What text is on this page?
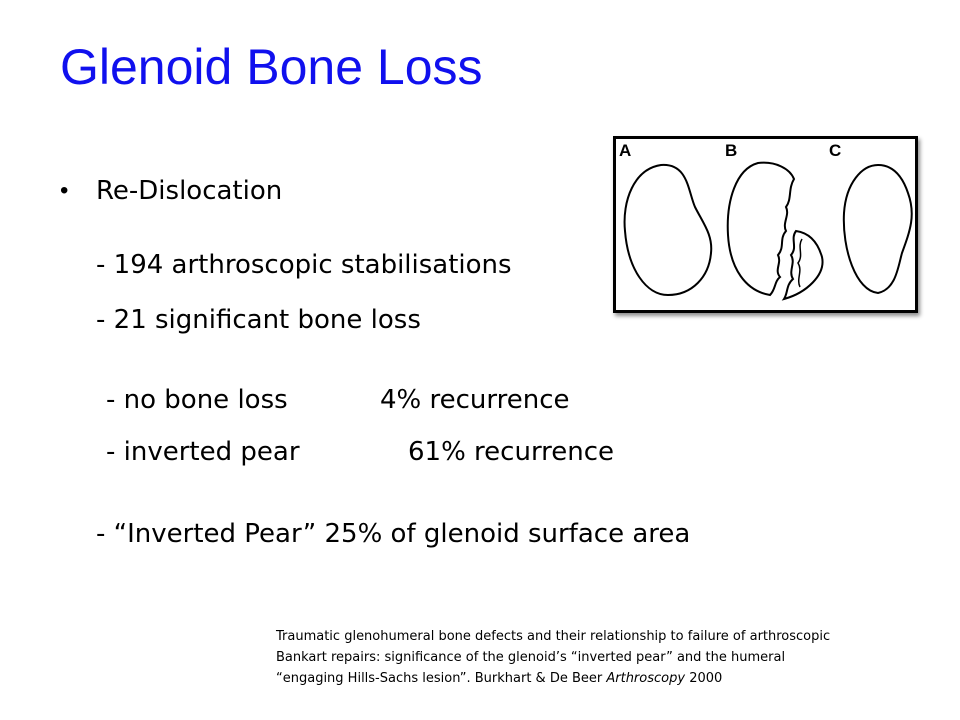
Glenoid Bone Loss
•	Re-Dislocation
- 194 arthroscopic stabilisations
- 21 significant bone loss
- no bone loss	4% recurrence
- inverted pear	61% recurrence
- “Inverted Pear” 25% of glenoid surface area
A	B	C
Traumatic glenohumeral bone defects and their relationship to failure of arthroscopic Bankart repairs: significance of the glenoid’s “inverted pear” and the humeral “engaging Hills-Sachs lesion”. Burkhart & De Beer Arthroscopy 2000
